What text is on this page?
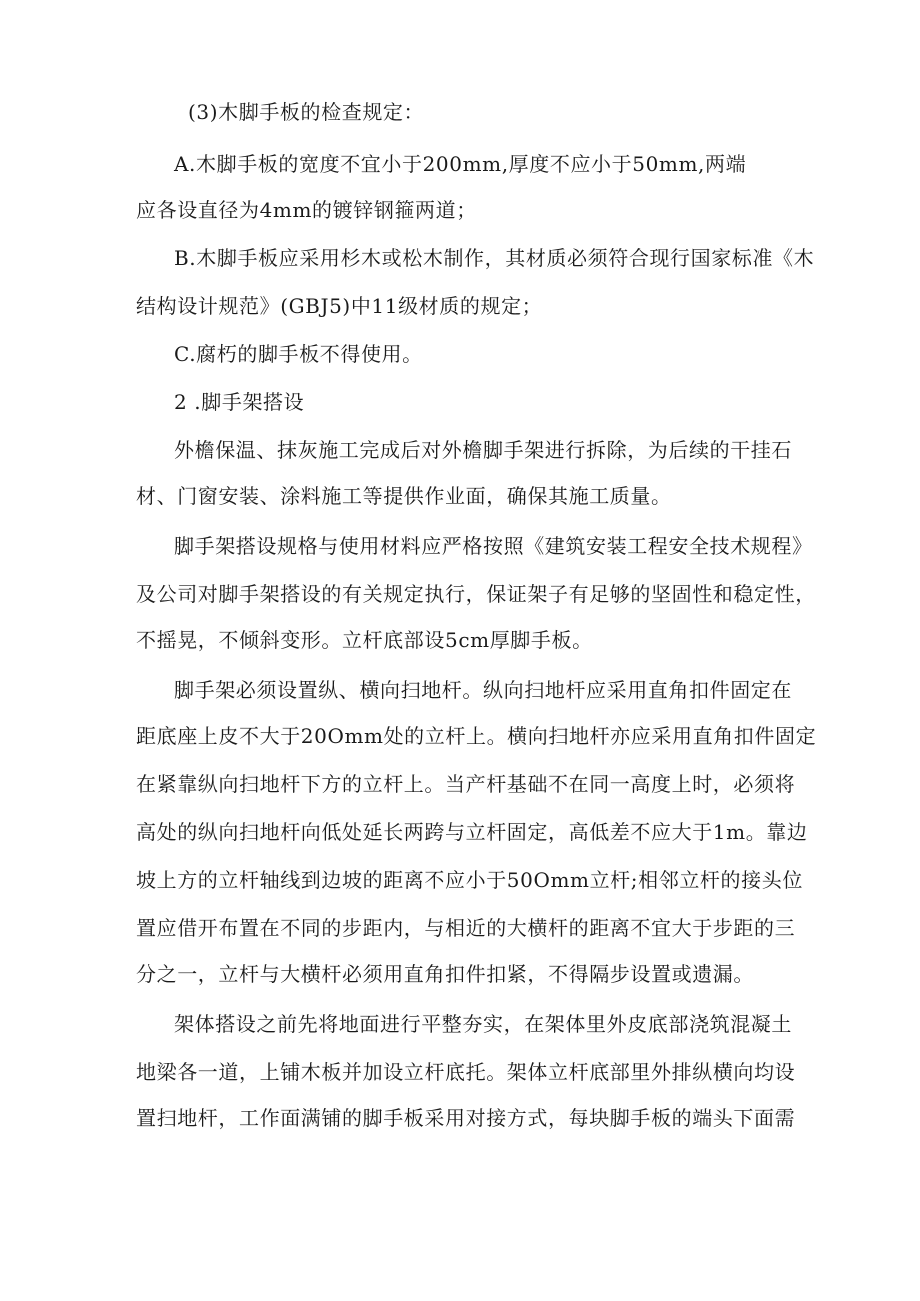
(3)木脚手板的检查规定：
A.木脚手板的宽度不宜小于200mm,厚度不应小于50mm,两端
应各设直径为4mm的镀锌钢箍两道；
B.木脚手板应采用杉木或松木制作，其材质必须符合现行国家标准《木
结构设计规范》(GBJ5)中11级材质的规定；
C.腐朽的脚手板不得使用。
2 .脚手架搭设
外檐保温、抹灰施工完成后对外檐脚手架进行拆除，为后续的干挂石
材、门窗安装、涂料施工等提供作业面，确保其施工质量。
脚手架搭设规格与使用材料应严格按照《建筑安装工程安全技术规程》
及公司对脚手架搭设的有关规定执行，保证架子有足够的坚固性和稳定性，
不摇晃，不倾斜变形。立杆底部设5cm厚脚手板。
脚手架必须设置纵、横向扫地杆。纵向扫地杆应采用直角扣件固定在
距底座上皮不大于20Omm处的立杆上。横向扫地杆亦应采用直角扣件固定
在紧靠纵向扫地杆下方的立杆上。当产杆基础不在同一高度上时，必须将
高处的纵向扫地杆向低处延长两跨与立杆固定，高低差不应大于1m。靠边
坡上方的立杆轴线到边坡的距离不应小于50Omm立杆;相邻立杆的接头位
置应借开布置在不同的步距内，与相近的大横杆的距离不宜大于步距的三
分之一，立杆与大横杆必须用直角扣件扣紧，不得隔步设置或遗漏。
架体搭设之前先将地面进行平整夯实，在架体里外皮底部浇筑混凝土
地梁各一道，上铺木板并加设立杆底托。架体立杆底部里外排纵横向均设
置扫地杆，工作面满铺的脚手板采用对接方式，每块脚手板的端头下面需
